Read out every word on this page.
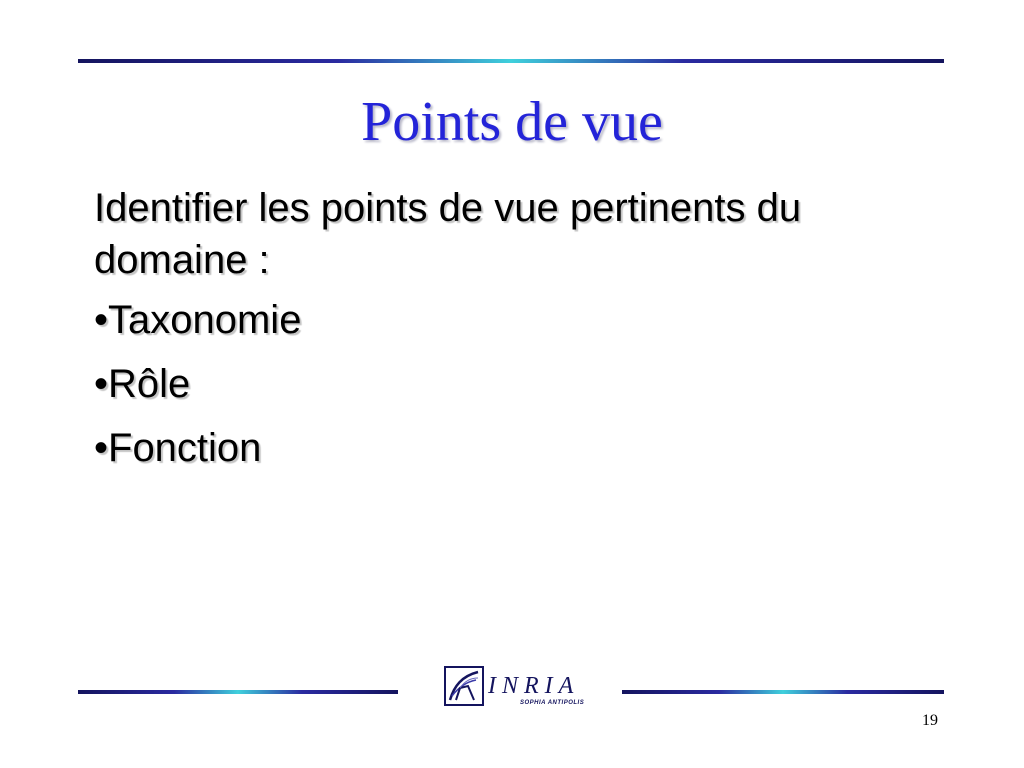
Points de vue

Identifier les points de vue pertinents du domaine :

•Taxonomie

•Rôle

•Fonction

INRIA
SOPHIA ANTIPOLIS
19
